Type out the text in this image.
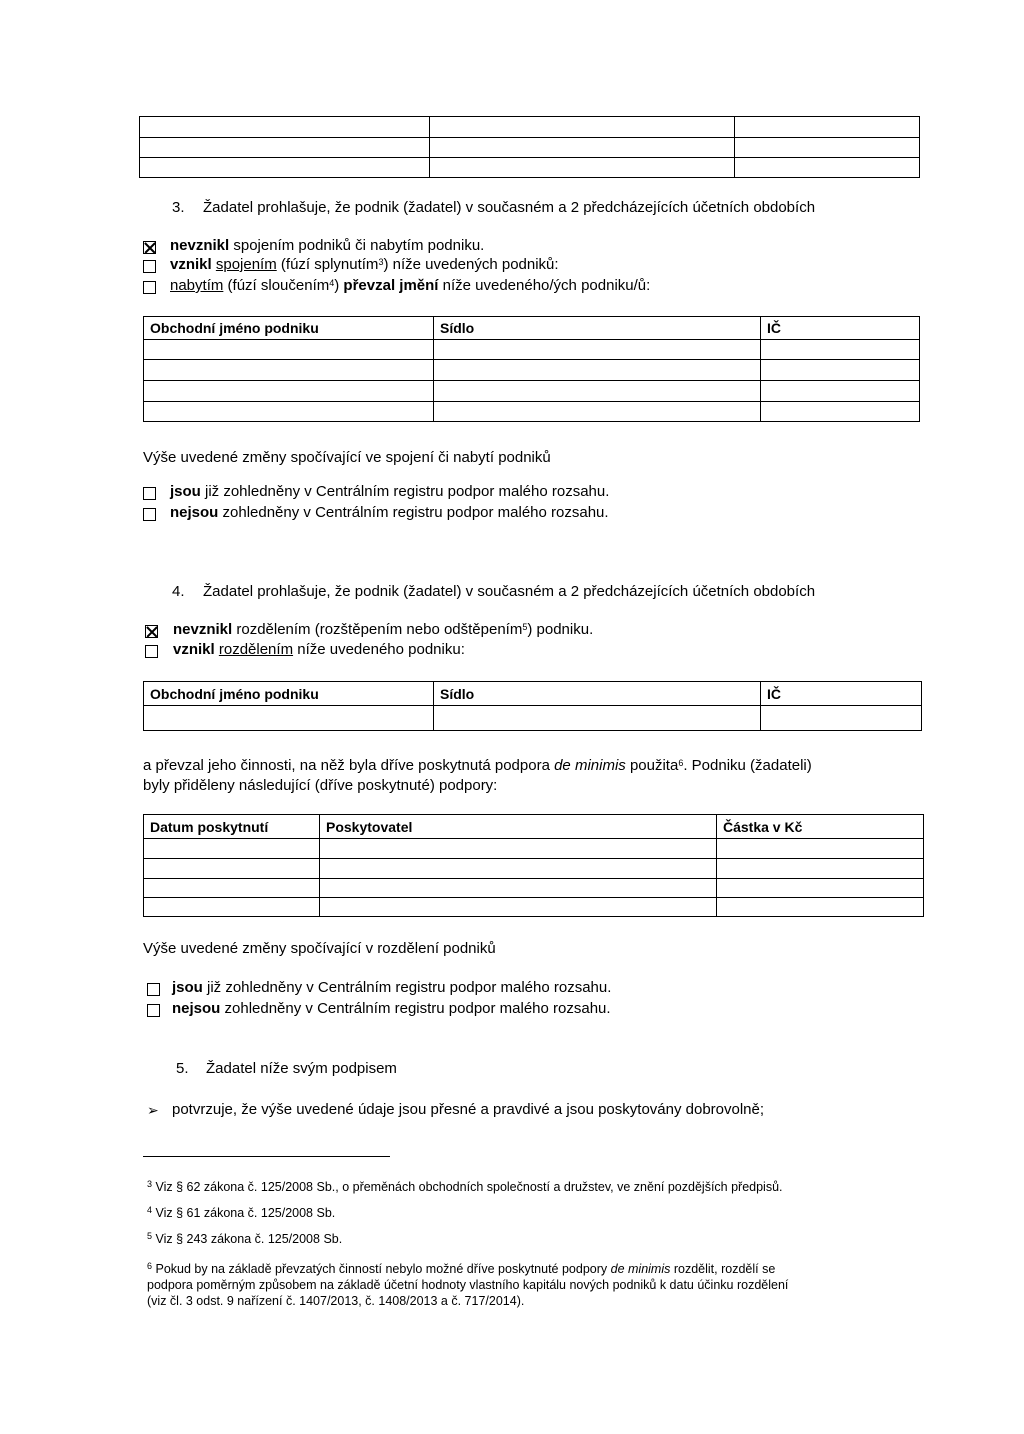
3. Žadatel prohlašuje, že podnik (žadatel) v současném a 2 předcházejících účetních obdobích
nevznikl spojením podniků či nabytím podniku.
vznikl spojením (fúzí splynutím$^3$) níže uvedených podniků:
nabytím (fúzí sloučením$^4$) převzal jmění níže uvedeného/ých podniku/ů:
Obchodní jméno podniku	Sídlo	IČ

Výše uvedené změny spočívající ve spojení či nabytí podniků
jsou již zohledněny v Centrálním registru podpor malého rozsahu.
nejsou zohledněny v Centrálním registru podpor malého rozsahu.
4. Žadatel prohlašuje, že podnik (žadatel) v současném a 2 předcházejících účetních obdobích
nevznikl rozdělením (rozštěpením nebo odštěpením$^5$) podniku.
vznikl rozdělením níže uvedeného podniku:
Obchodní jméno podniku	Sídlo	IČ

a převzal jeho činnosti, na něž byla dříve poskytnutá podpora de minimis použita$^6$. Podniku (žadateli)
byly přiděleny následující (dříve poskytnuté) podpory:
Datum poskytnutí	Poskytovatel	Částka v Kč

Výše uvedené změny spočívající v rozdělení podniků
jsou již zohledněny v Centrálním registru podpor malého rozsahu.
nejsou zohledněny v Centrálním registru podpor malého rozsahu.
5. Žadatel níže svým podpisem
➢ potvrzuje, že výše uvedené údaje jsou přesné a pravdivé a jsou poskytovány dobrovolně;
$^3$ Viz § 62 zákona č. 125/2008 Sb., o přeměnách obchodních společností a družstev, ve znění pozdějších předpisů.
$^4$ Viz § 61 zákona č. 125/2008 Sb.
$^5$ Viz § 243 zákona č. 125/2008 Sb.
$^6$ Pokud by na základě převzatých činností nebylo možné dříve poskytnuté podpory de minimis rozdělit, rozdělí se
podpora poměrným způsobem na základě účetní hodnoty vlastního kapitálu nových podniků k datu účinku rozdělení
(viz čl. 3 odst. 9 nařízení č. 1407/2013, č. 1408/2013 a č. 717/2014).
